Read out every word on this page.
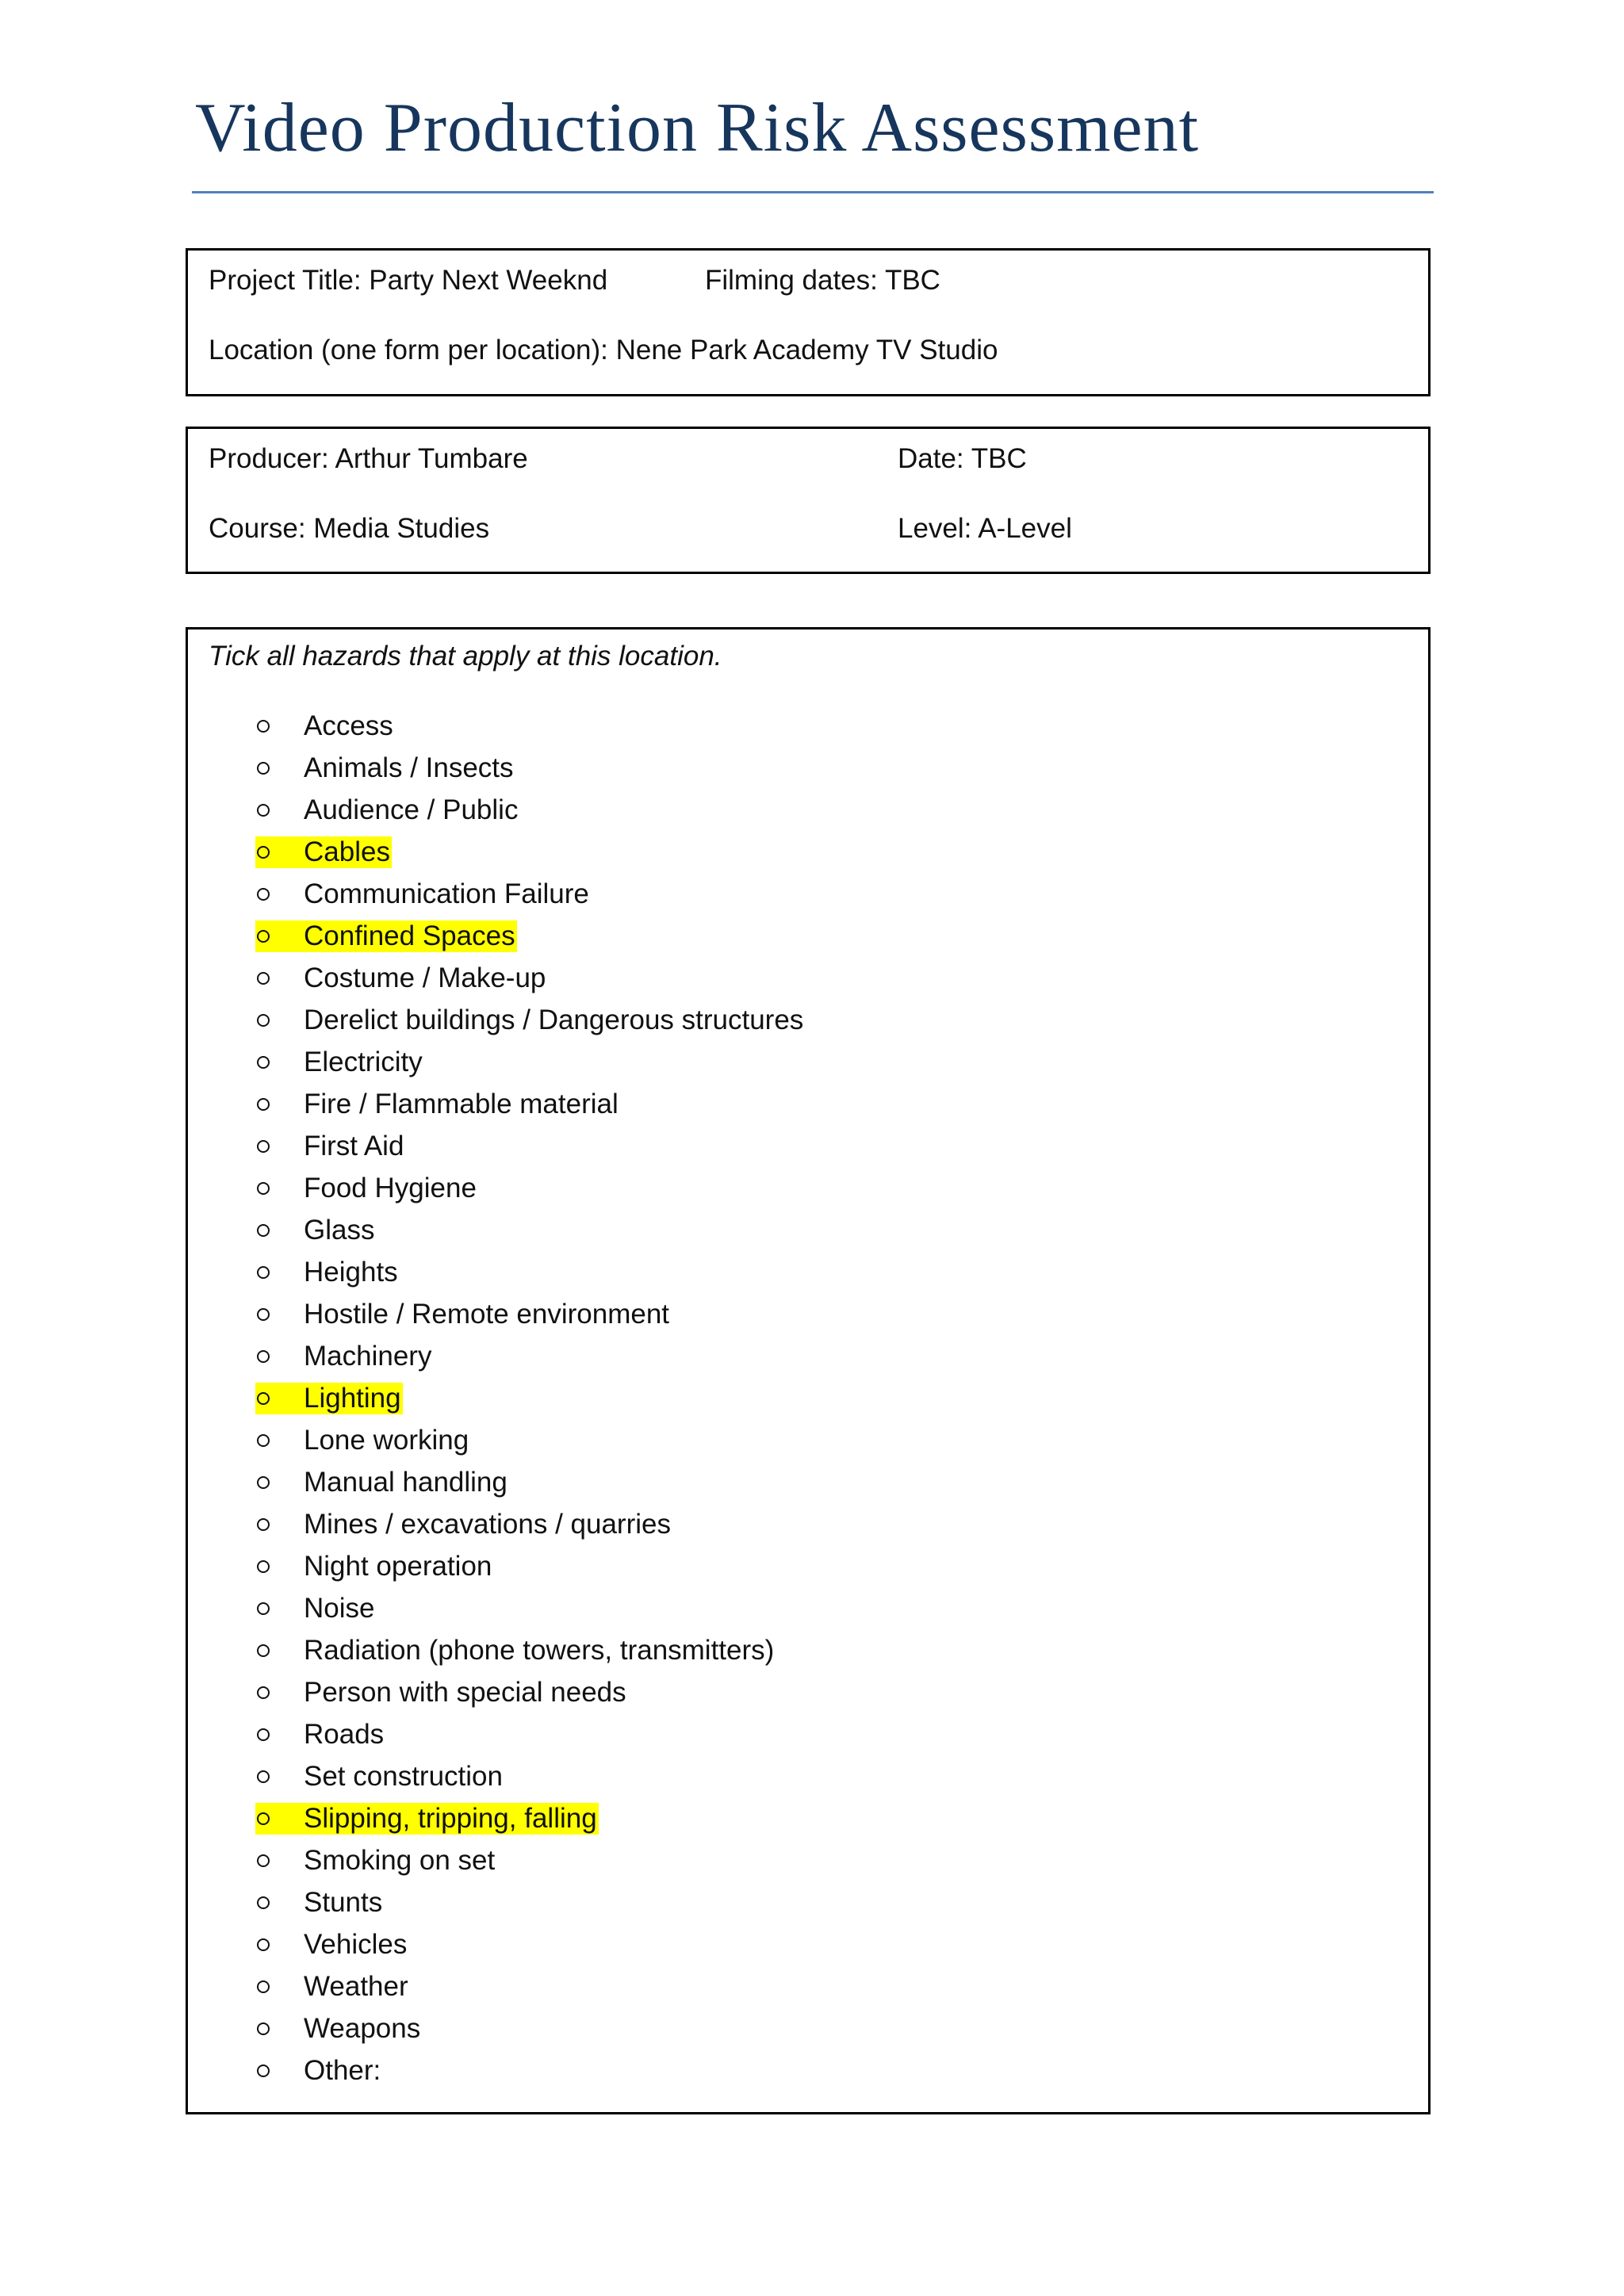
Video Production Risk Assessment
Project Title: Party Next Weeknd	Filming dates: TBC
Location (one form per location): Nene Park Academy TV Studio
Producer: Arthur Tumbare	Date: TBC
Course: Media Studies	Level: A-Level
Tick all hazards that apply at this location.
Access
Animals / Insects
Audience / Public
Cables
Communication Failure
Confined Spaces
Costume / Make-up
Derelict buildings / Dangerous structures
Electricity
Fire / Flammable material
First Aid
Food Hygiene
Glass
Heights
Hostile / Remote environment
Machinery
Lighting
Lone working
Manual handling
Mines / excavations / quarries
Night operation
Noise
Radiation (phone towers, transmitters)
Person with special needs
Roads
Set construction
Slipping, tripping, falling
Smoking on set
Stunts
Vehicles
Weather
Weapons
Other:
